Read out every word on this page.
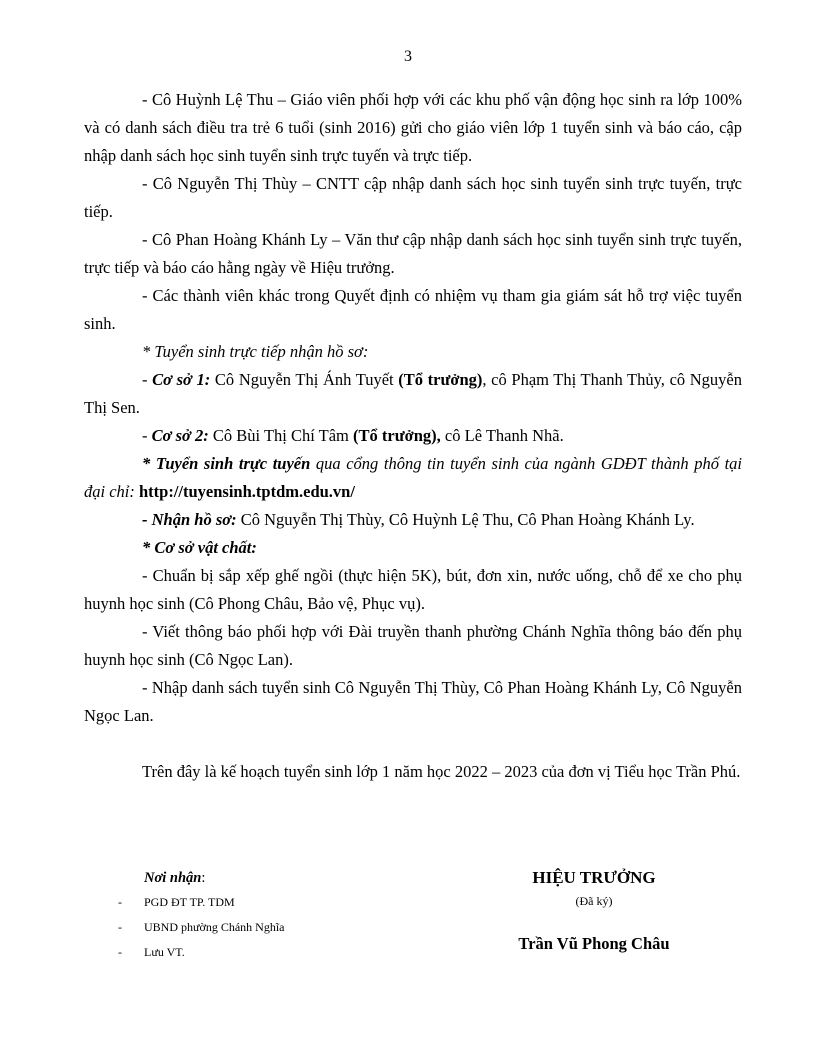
3

- Cô Huỳnh Lệ Thu – Giáo viên phối hợp với các khu phố vận động học sinh ra lớp 100% và có danh sách điều tra trẻ 6 tuổi (sinh 2016) gửi cho giáo viên lớp 1 tuyển sinh và báo cáo, cập nhập danh sách học sinh tuyển sinh trực tuyến và trực tiếp.

- Cô Nguyễn Thị Thùy – CNTT cập nhập danh sách học sinh tuyển sinh trực tuyến, trực tiếp.

- Cô Phan Hoàng Khánh Ly – Văn thư cập nhập danh sách học sinh tuyển sinh trực tuyến, trực tiếp và báo cáo hằng ngày về Hiệu trưởng.

- Các thành viên khác trong Quyết định có nhiệm vụ tham gia giám sát hỗ trợ việc tuyển sinh.

* Tuyển sinh trực tiếp nhận hồ sơ:

- Cơ sở 1: Cô Nguyễn Thị Ánh Tuyết (Tổ trưởng), cô Phạm Thị Thanh Thủy, cô Nguyễn Thị Sen.

- Cơ sở 2: Cô Bùi Thị Chí Tâm (Tổ trưởng), cô Lê Thanh Nhã.

* Tuyển sinh trực tuyến qua cổng thông tin tuyển sinh của ngành GDĐT thành phố tại đại chỉ: http://tuyensinh.tptdm.edu.vn/

- Nhận hồ sơ: Cô Nguyễn Thị Thùy, Cô Huỳnh Lệ Thu, Cô Phan Hoàng Khánh Ly.

* Cơ sở vật chất:

- Chuẩn bị sắp xếp ghế ngồi (thực hiện 5K), bút, đơn xin, nước uống, chỗ để xe cho phụ huynh học sinh (Cô Phong Châu, Bảo vệ, Phục vụ).

- Viết thông báo phối hợp với Đài truyền thanh phường Chánh Nghĩa thông báo đến phụ huynh học sinh (Cô Ngọc Lan).

- Nhập danh sách tuyển sinh Cô Nguyễn Thị Thùy, Cô Phan Hoàng Khánh Ly, Cô Nguyễn Ngọc Lan.

Trên đây là kế hoạch tuyển sinh lớp 1 năm học 2022 – 2023 của đơn vị Tiểu học Trần Phú.

Nơi nhận:
- PGD ĐT TP. TDM
- UBND phường Chánh Nghĩa
- Lưu VT.
HIỆU TRƯỞNG
(Đã ký)
Trần Vũ Phong Châu
